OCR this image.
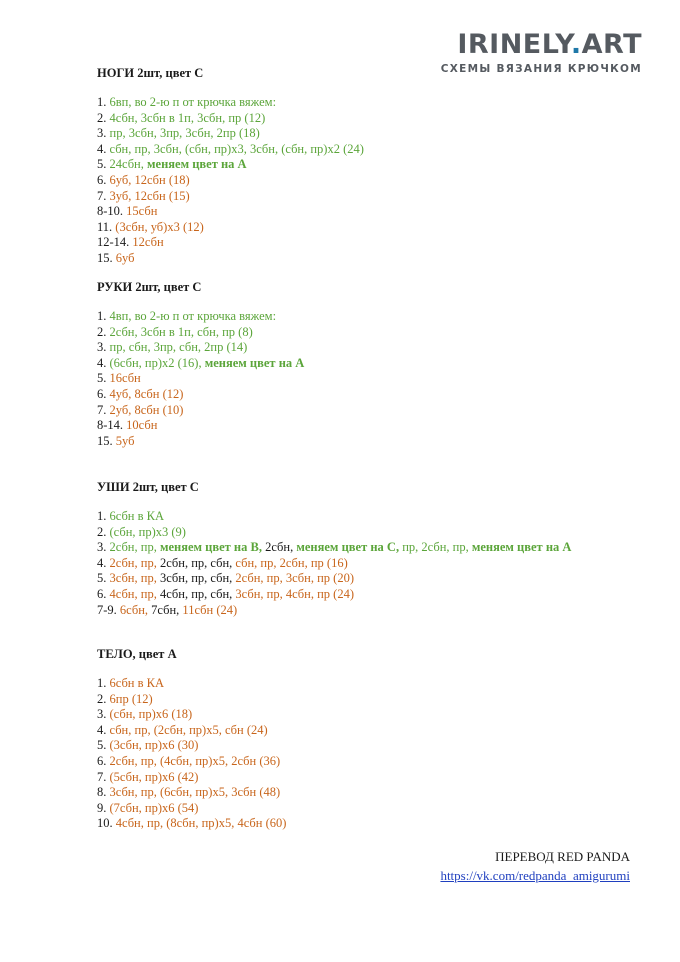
IRINELY.ART
СХЕМЫ ВЯЗАНИЯ КРЮЧКОМ
НОГИ 2шт, цвет С
1. 6вп, во 2-ю п от крючка вяжем:
2. 4сбн, 3сбн в 1п, 3сбн, пр (12)
3. пр, 3сбн, 3пр, 3сбн, 2пр (18)
4. сбн, пр, 3сбн, (сбн, пр)х3, 3сбн, (сбн, пр)х2 (24)
5. 24сбн, меняем цвет на А
6. 6уб, 12сбн (18)
7. 3уб, 12сбн (15)
8-10. 15сбн
11. (3сбн, уб)х3 (12)
12-14. 12сбн
15. 6уб
РУКИ 2шт, цвет С
1. 4вп, во 2-ю п от крючка вяжем:
2. 2сбн, 3сбн в 1п, сбн, пр (8)
3. пр, сбн, 3пр, сбн, 2пр (14)
4. (6сбн, пр)х2 (16), меняем цвет на А
5. 16сбн
6. 4уб, 8сбн (12)
7. 2уб, 8сбн (10)
8-14. 10сбн
15. 5уб
УШИ 2шт, цвет С
1. 6сбн в КА
2. (сбн, пр)х3 (9)
3. 2сбн, пр, меняем цвет на В, 2сбн, меняем цвет на С, пр, 2сбн, пр, меняем цвет на А
4. 2сбн, пр, 2сбн, пр, сбн, сбн, пр, 2сбн, пр (16)
5. 3сбн, пр, 3сбн, пр, сбн, 2сбн, пр, 3сбн, пр (20)
6. 4сбн, пр, 4сбн, пр, сбн, 3сбн, пр, 4сбн, пр (24)
7-9. 6сбн, 7сбн, 11сбн (24)
ТЕЛО, цвет А
1. 6сбн в КА
2. 6пр (12)
3. (сбн, пр)х6 (18)
4. сбн, пр, (2сбн, пр)х5, сбн (24)
5. (3сбн, пр)х6 (30)
6. 2сбн, пр, (4сбн, пр)х5, 2сбн (36)
7. (5сбн, пр)х6 (42)
8. 3сбн, пр, (6сбн, пр)х5, 3сбн (48)
9. (7сбн, пр)х6 (54)
10. 4сбн, пр, (8сбн, пр)х5, 4сбн (60)
ПЕРЕВОД RED PANDA
https://vk.com/redpanda_amigurumi
